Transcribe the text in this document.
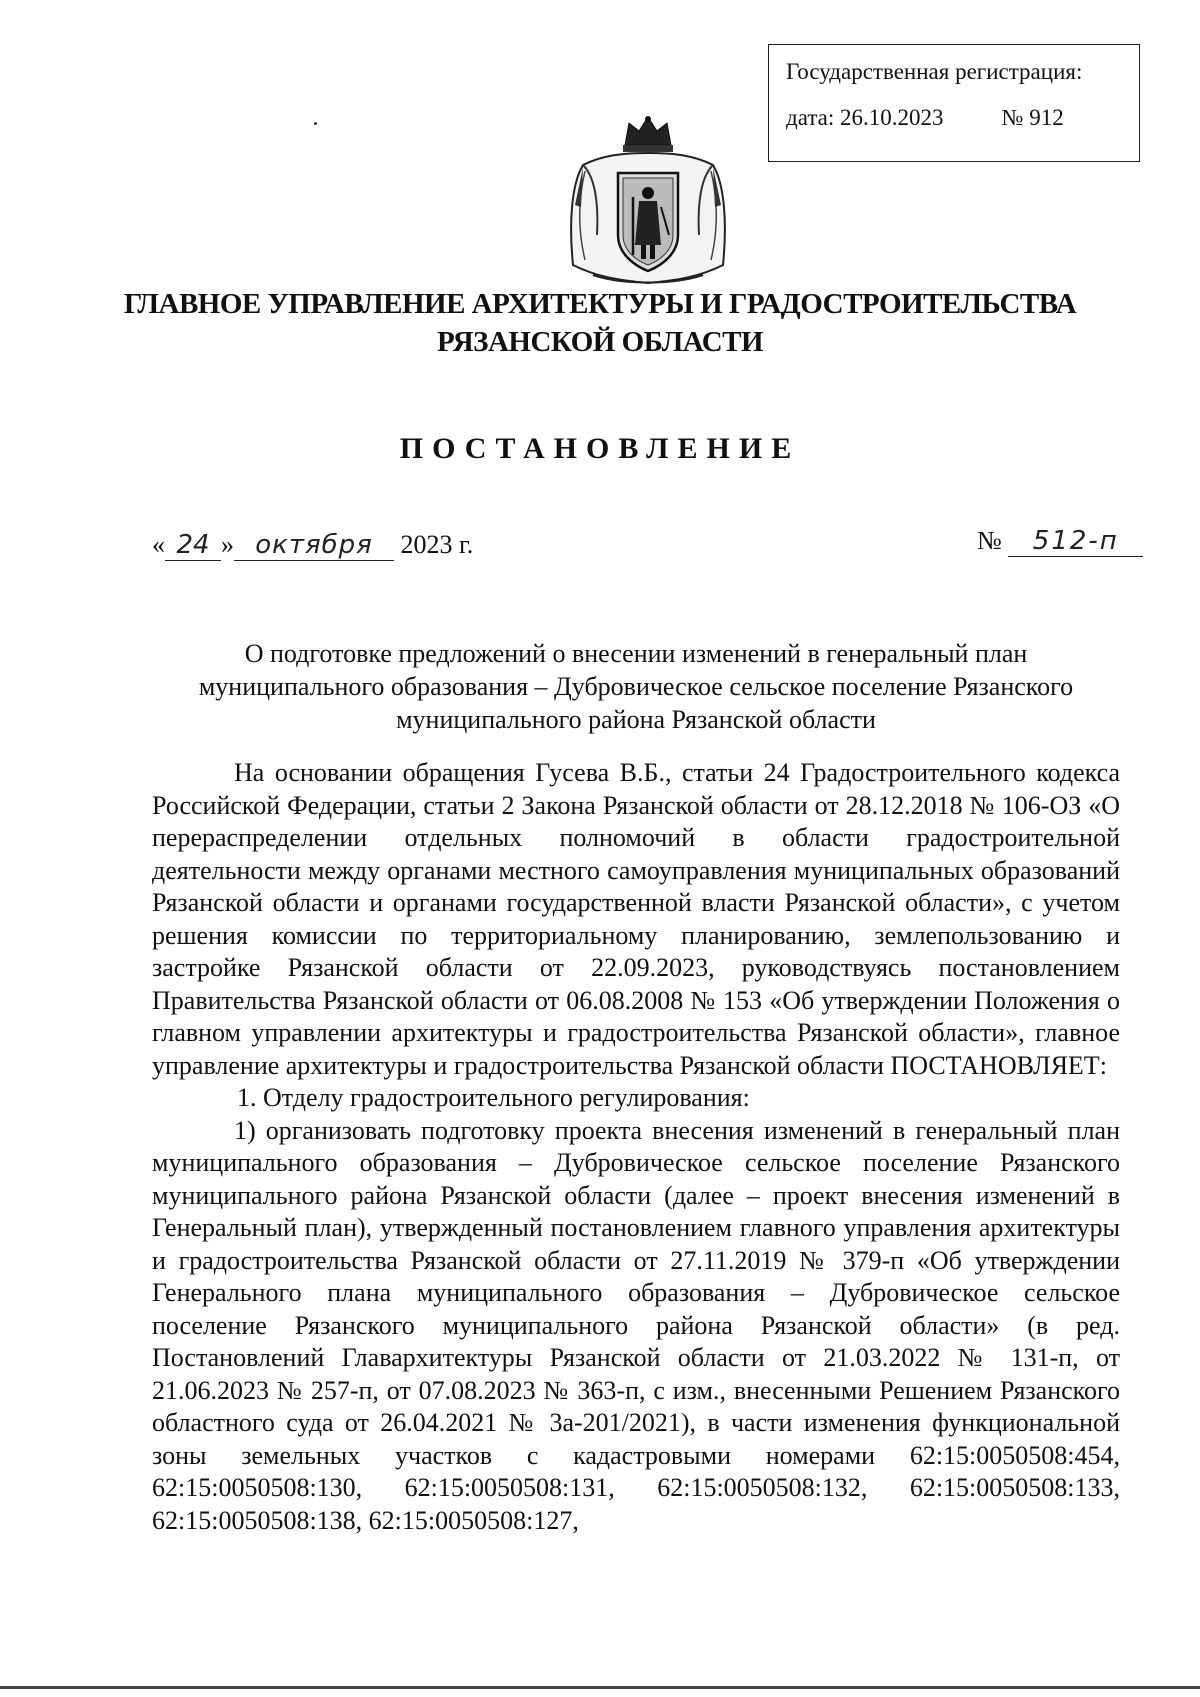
Государственная регистрация:
дата: 26.10.2023	№ 912
ГЛАВНОЕ УПРАВЛЕНИЕ АРХИТЕКТУРЫ И ГРАДОСТРОИТЕЛЬСТВА
РЯЗАНСКОЙ ОБЛАСТИ
ПОСТАНОВЛЕНИЕ
« 24 » октября 2023 г.	№ 512-п
О подготовке предложений о внесении изменений в генеральный план муниципального образования – Дубровическое сельское поселение Рязанского муниципального района Рязанской области

На основании обращения Гусева В.Б., статьи 24 Градостроительного кодекса Российской Федерации, статьи 2 Закона Рязанской области от 28.12.2018 № 106-ОЗ «О перераспределении отдельных полномочий в области градостроительной деятельности между органами местного самоуправления муниципальных образований Рязанской области и органами государственной власти Рязанской области», с учетом решения комиссии по территориальному планированию, землепользованию и застройке Рязанской области от 22.09.2023, руководствуясь постановлением Правительства Рязанской области от 06.08.2008 № 153 «Об утверждении Положения о главном управлении архитектуры и градостроительства Рязанской области», главное управление архитектуры и градостроительства Рязанской области ПОСТАНОВЛЯЕТ:

1. Отделу градостроительного регулирования:

1) организовать подготовку проекта внесения изменений в генеральный план муниципального образования – Дубровическое сельское поселение Рязанского муниципального района Рязанской области (далее – проект внесения изменений в Генеральный план), утвержденный постановлением главного управления архитектуры и градостроительства Рязанской области от 27.11.2019 № 379-п «Об утверждении Генерального плана муниципального образования – Дубровическое сельское поселение Рязанского муниципального района Рязанской области» (в ред. Постановлений Главархитектуры Рязанской области от 21.03.2022 № 131-п, от 21.06.2023 № 257-п, от 07.08.2023 № 363-п, с изм., внесенными Решением Рязанского областного суда от 26.04.2021 № 3а-201/2021), в части изменения функциональной зоны земельных участков с кадастровыми номерами 62:15:0050508:454, 62:15:0050508:130, 62:15:0050508:131, 62:15:0050508:132, 62:15:0050508:133, 62:15:0050508:138, 62:15:0050508:127,
